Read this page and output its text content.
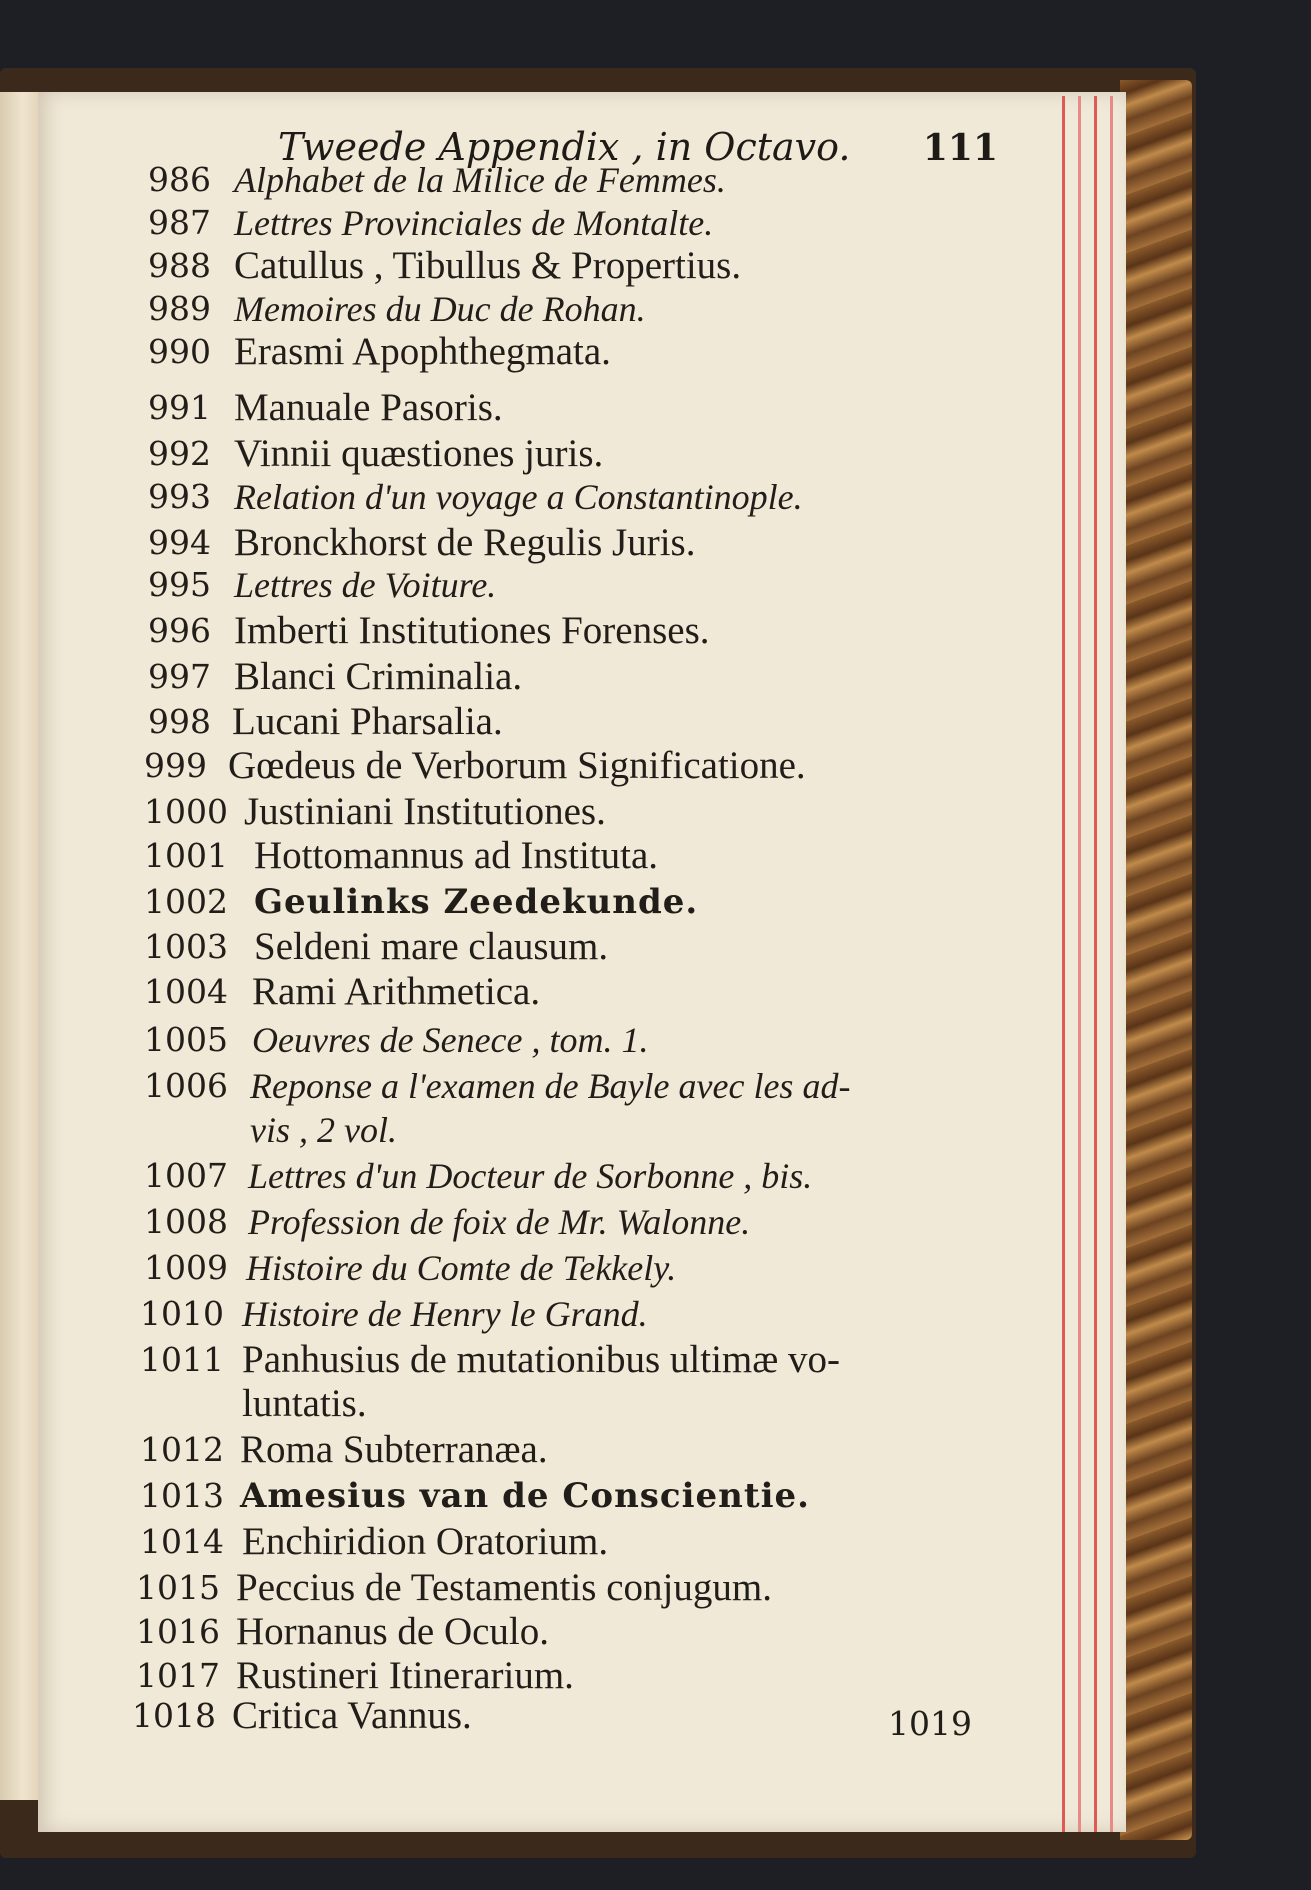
Tweede Appendix , in Octavo. 111
986 Alphabet de la Milice de Femmes.
987 Lettres Provinciales de Montalte.
988 Catullus , Tibullus & Propertius.
989 Memoires du Duc de Rohan.
990 Erasmi Apophthegmata.
991 Manuale Pasoris.
992 Vinnii quæstiones juris.
993 Relation d'un voyage a Constantinople.
994 Bronckhorst de Regulis Juris.
995 Lettres de Voiture.
996 Imberti Institutiones Forenses.
997 Blanci Criminalia.
998 Lucani Pharsalia.
999 Gœdeus de Verborum Significatione.
1000 Justiniani Institutiones.
1001 Hottomannus ad Instituta.
1002 Geulinks Zeedekunde.
1003 Seldeni mare clausum.
1004 Rami Arithmetica.
1005 Oeuvres de Senece , tom. 1.
1006 Reponse a l'examen de Bayle avec les ad-
vis , 2 vol.
1007 Lettres d'un Docteur de Sorbonne , bis.
1008 Profession de foix de Mr. Walonne.
1009 Histoire du Comte de Tekkely.
1010 Histoire de Henry le Grand.
1011 Panhusius de mutationibus ultimæ vo-
luntatis.
1012 Roma Subterranæa.
1013 Amesius van de Conscientie.
1014 Enchiridion Oratorium.
1015 Peccius de Testamentis conjugum.
1016 Hornanus de Oculo.
1017 Rustineri Itinerarium.
1018 Critica Vannus.	1019
